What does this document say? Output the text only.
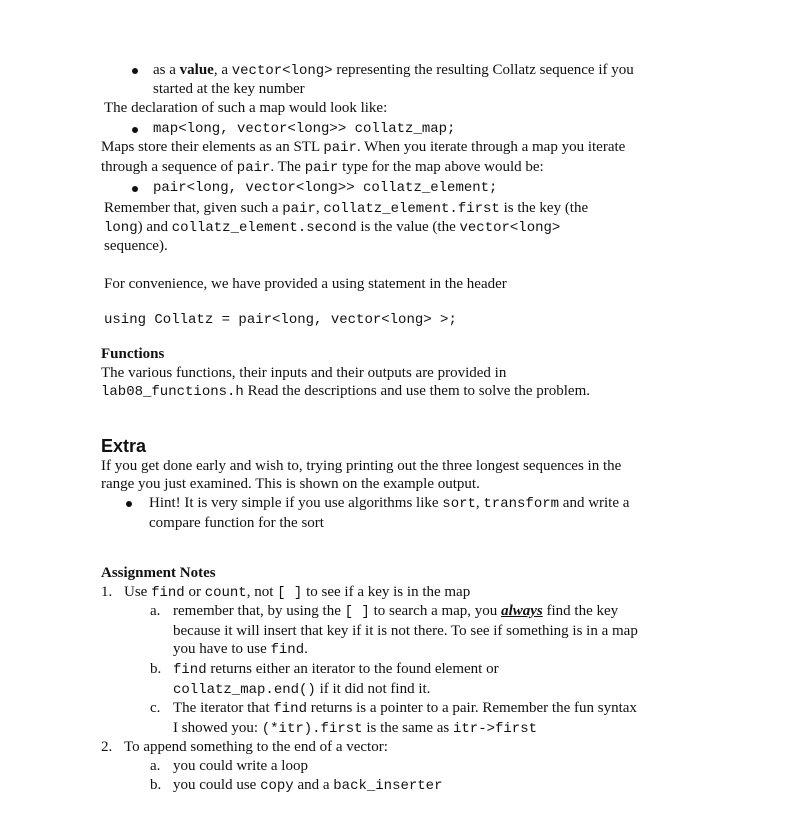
as a value, a vector<long> representing the resulting Collatz sequence if you
started at the key number
The declaration of such a map would look like:
map<long, vector<long>> collatz_map;
Maps store their elements as an STL pair. When you iterate through a map you iterate
through a sequence of pair. The pair type for the map above would be:
pair<long, vector<long>> collatz_element;
Remember that, given such a pair, collatz_element.first is the key (the
long) and collatz_element.second is the value (the vector<long>
sequence).
For convenience, we have provided a using statement in the header
using Collatz = pair<long, vector<long> >;
Functions
The various functions, their inputs and their outputs are provided in
lab08_functions.h Read the descriptions and use them to solve the problem.
Extra
If you get done early and wish to, trying printing out the three longest sequences in the
range you just examined. This is shown on the example output.
Hint! It is very simple if you use algorithms like sort, transform and write a
compare function for the sort
Assignment Notes
1. Use find or count, not [ ] to see if a key is in the map
a. remember that, by using the [ ] to search a map, you always find the key
because it will insert that key if it is not there. To see if something is in a map
you have to use find.
b. find returns either an iterator to the found element or
collatz_map.end() if it did not find it.
c. The iterator that find returns is a pointer to a pair. Remember the fun syntax
I showed you: (*itr).first is the same as itr->first
2. To append something to the end of a vector:
a. you could write a loop
b. you could use copy and a back_inserter
